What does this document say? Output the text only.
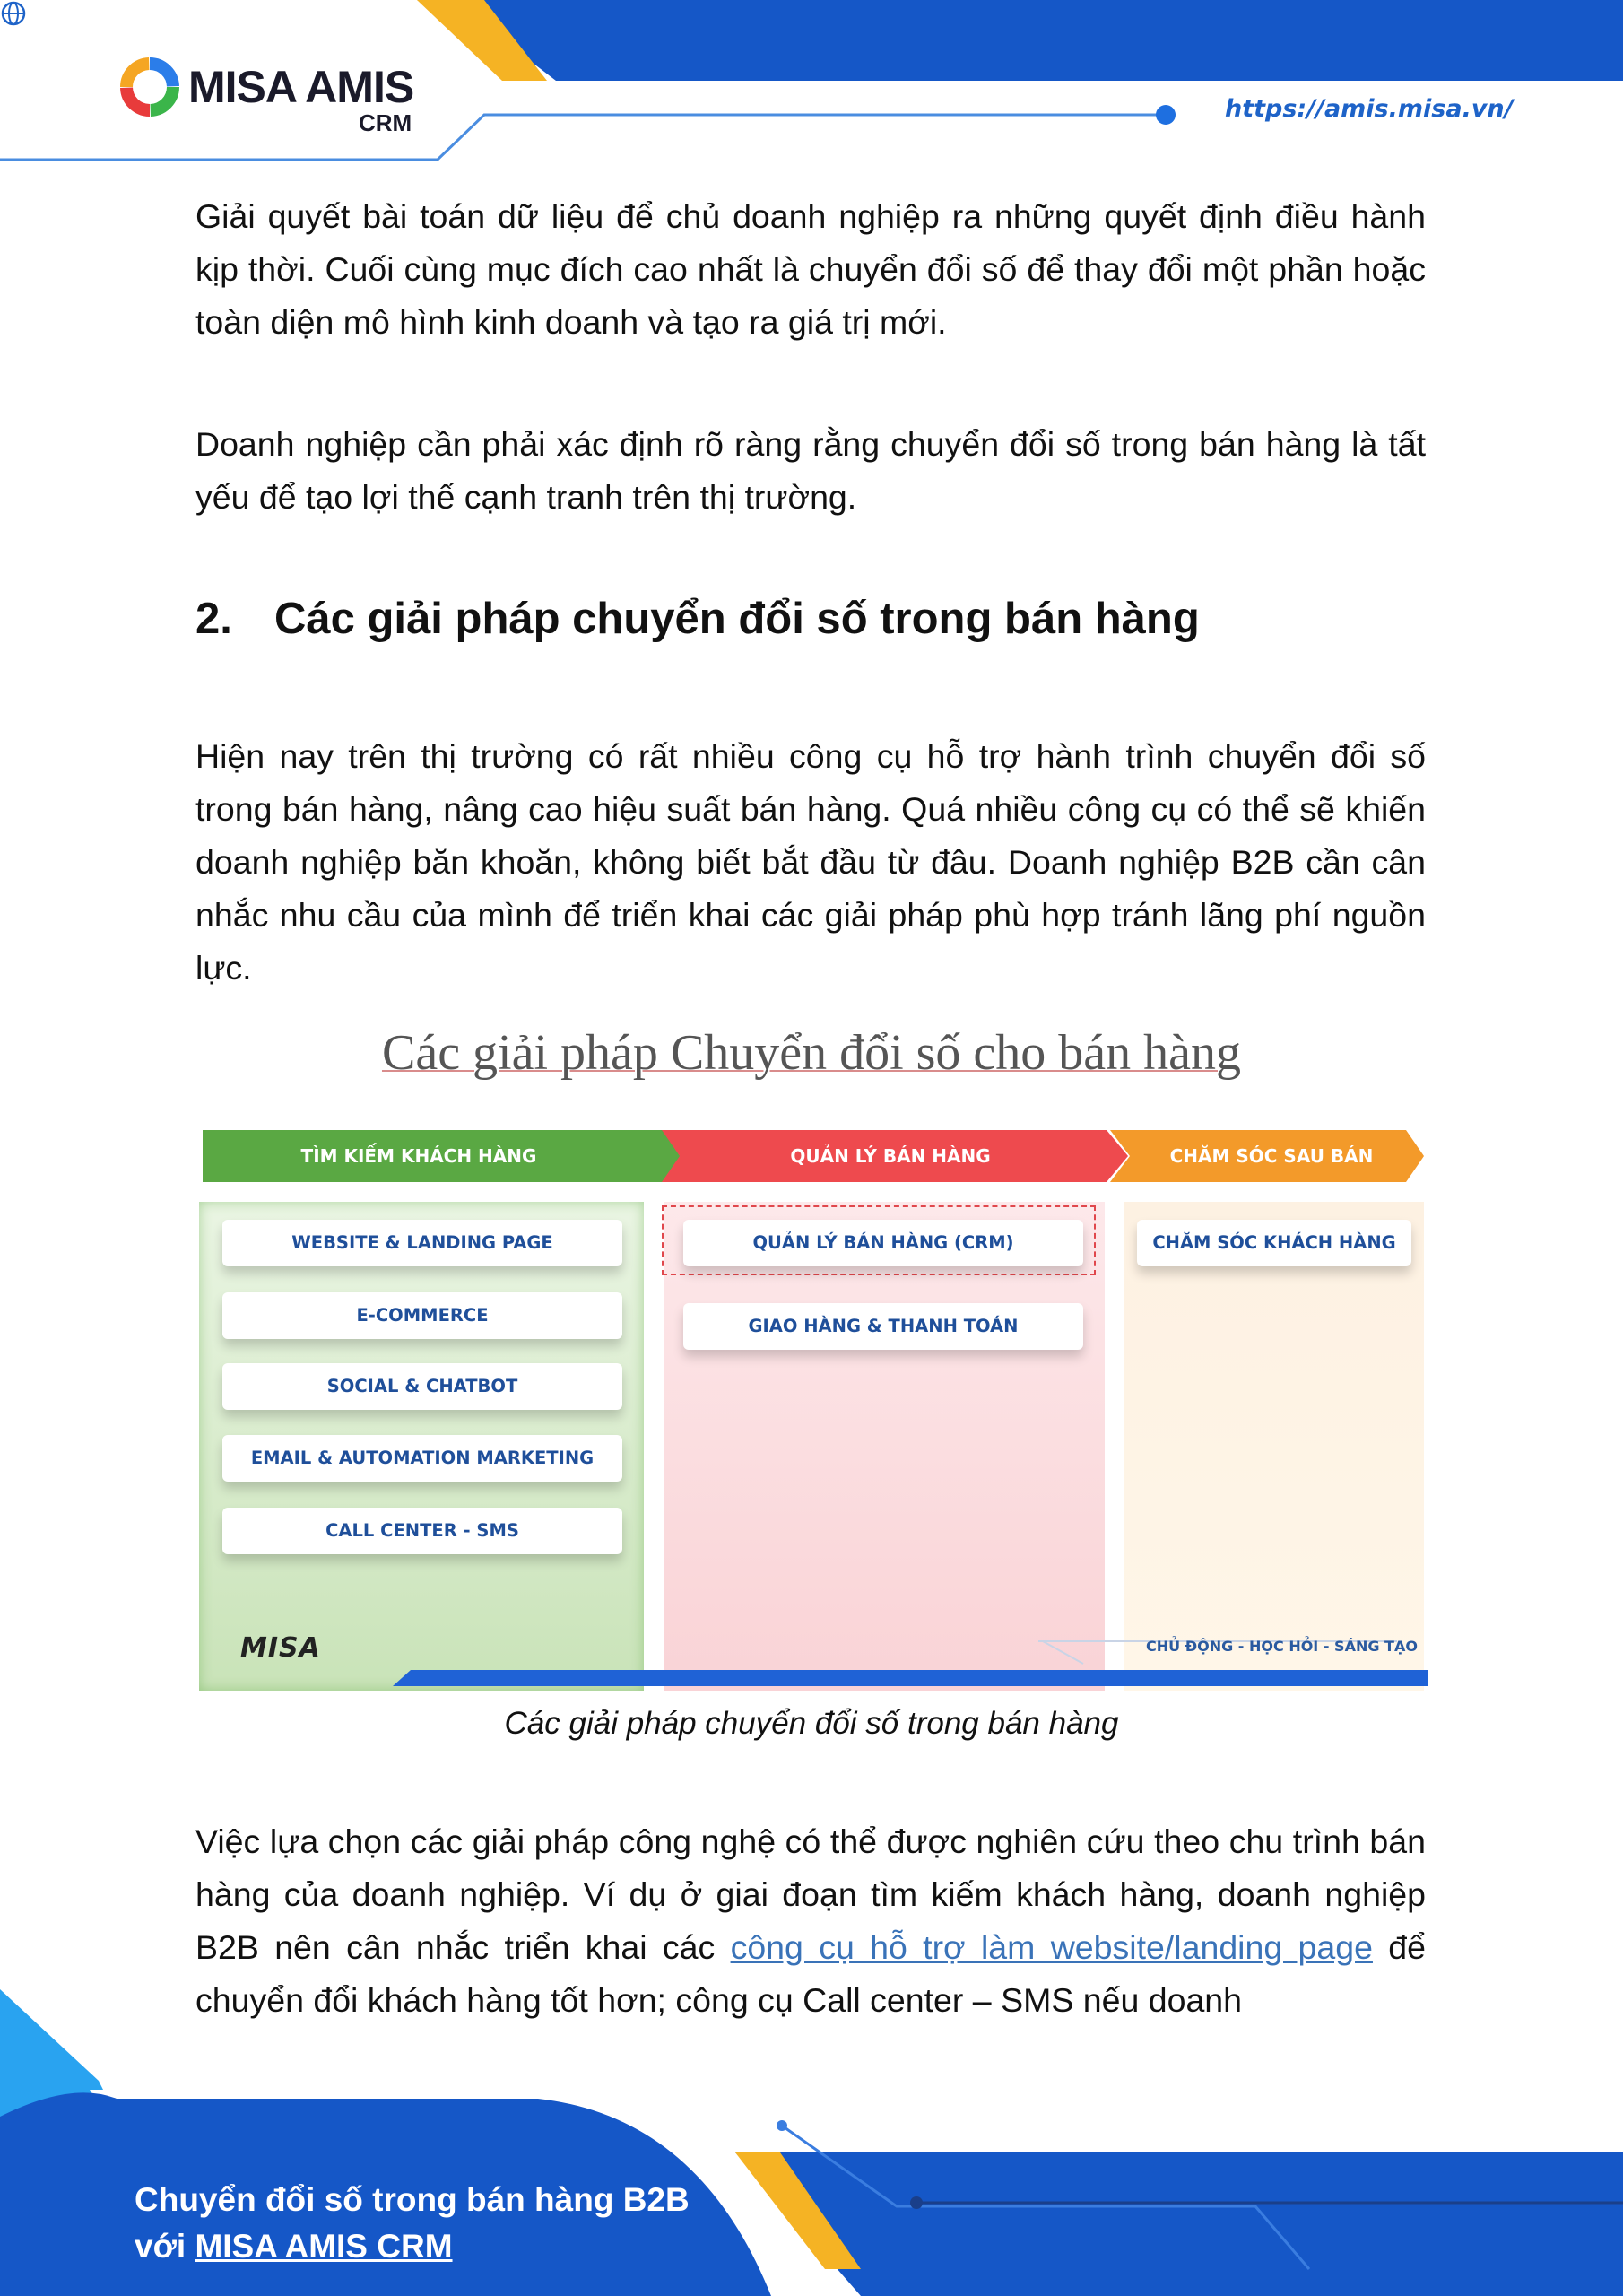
MISA AMIS
CRM	https://amis.misa.vn/

Giải quyết bài toán dữ liệu để chủ doanh nghiệp ra những quyết định điều hành kịp thời. Cuối cùng mục đích cao nhất là chuyển đổi số để thay đổi một phần hoặc toàn diện mô hình kinh doanh và tạo ra giá trị mới.

Doanh nghiệp cần phải xác định rõ ràng rằng chuyển đổi số trong bán hàng là tất yếu để tạo lợi thế cạnh tranh trên thị trường.

2. Các giải pháp chuyển đổi số trong bán hàng

Hiện nay trên thị trường có rất nhiều công cụ hỗ trợ hành trình chuyển đổi số trong bán hàng, nâng cao hiệu suất bán hàng. Quá nhiều công cụ có thể sẽ khiến doanh nghiệp băn khoăn, không biết bắt đầu từ đâu. Doanh nghiệp B2B cần cân nhắc nhu cầu của mình để triển khai các giải pháp phù hợp tránh lãng phí nguồn lực.

Các giải pháp Chuyển đổi số cho bán hàng
TÌM KIẾM KHÁCH HÀNG	QUẢN LÝ BÁN HÀNG	CHĂM SÓC SAU BÁN
WEBSITE & LANDING PAGE
E-COMMERCE
SOCIAL & CHATBOT
EMAIL & AUTOMATION MARKETING
CALL CENTER - SMS
QUẢN LÝ BÁN HÀNG (CRM)
GIAO HÀNG & THANH TOÁN
CHĂM SÓC KHÁCH HÀNG
MISA	CHỦ ĐỘNG - HỌC HỎI - SÁNG TẠO
Các giải pháp chuyển đổi số trong bán hàng

Việc lựa chọn các giải pháp công nghệ có thể được nghiên cứu theo chu trình bán hàng của doanh nghiệp. Ví dụ ở giai đoạn tìm kiếm khách hàng, doanh nghiệp B2B nên cân nhắc triển khai các công cụ hỗ trợ làm website/landing page để chuyển đổi khách hàng tốt hơn; công cụ Call center – SMS nếu doanh

Chuyển đổi số trong bán hàng B2B
với MISA AMIS CRM
